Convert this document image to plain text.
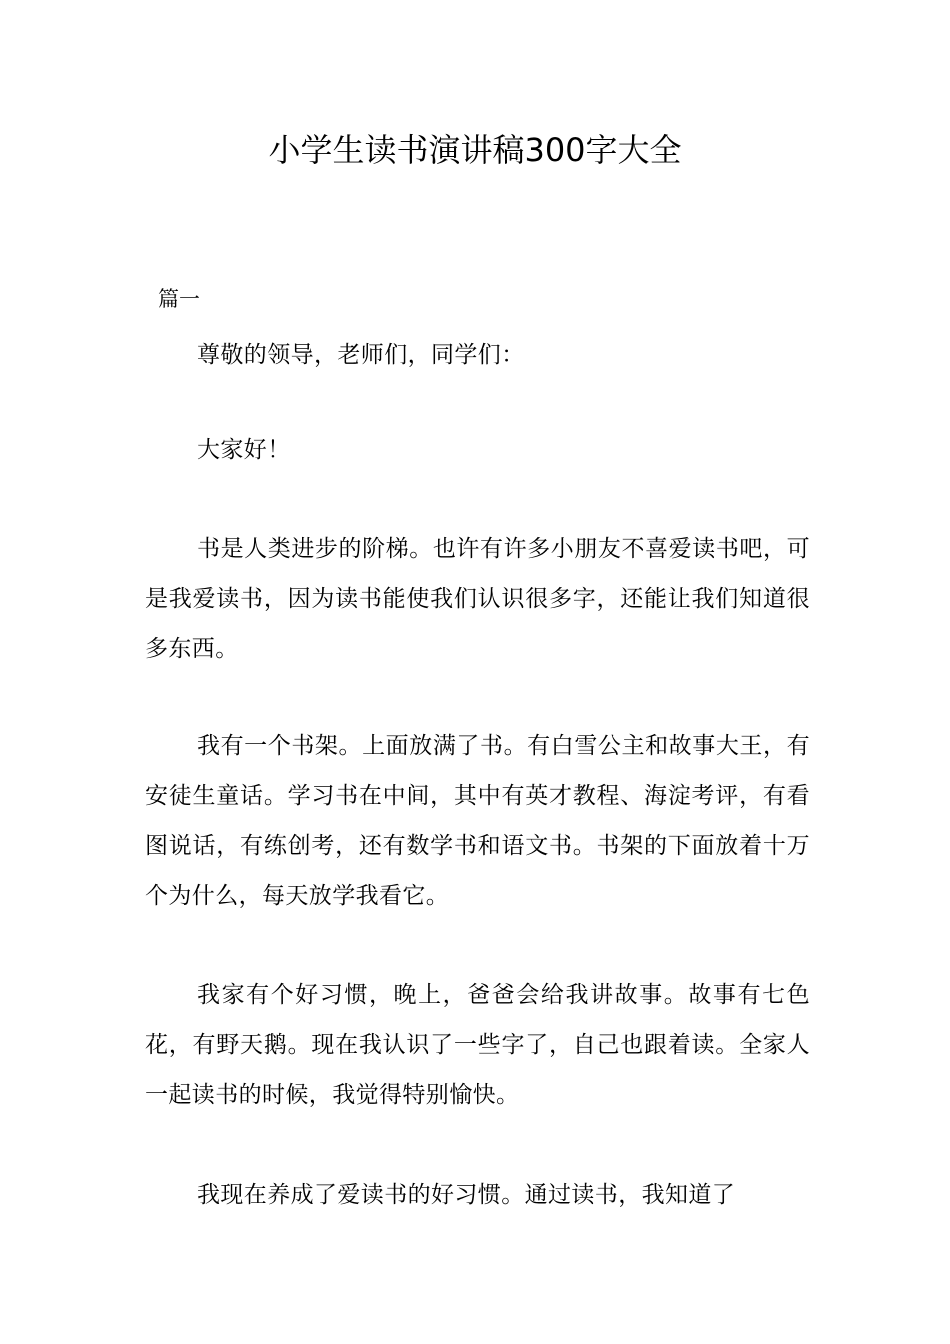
小学生读书演讲稿300字大全

篇一

尊敬的领导，老师们，同学们：

大家好！

书是人类进步的阶梯。也许有许多小朋友不喜爱读书吧，可是我爱读书，因为读书能使我们认识很多字，还能让我们知道很多东西。

我有一个书架。上面放满了书。有白雪公主和故事大王，有安徒生童话。学习书在中间，其中有英才教程、海淀考评，有看图说话，有练创考，还有数学书和语文书。书架的下面放着十万个为什么，每天放学我看它。

我家有个好习惯，晚上，爸爸会给我讲故事。故事有七色花，有野天鹅。现在我认识了一些字了，自己也跟着读。全家人一起读书的时候，我觉得特别愉快。

我现在养成了爱读书的好习惯。通过读书，我知道了
